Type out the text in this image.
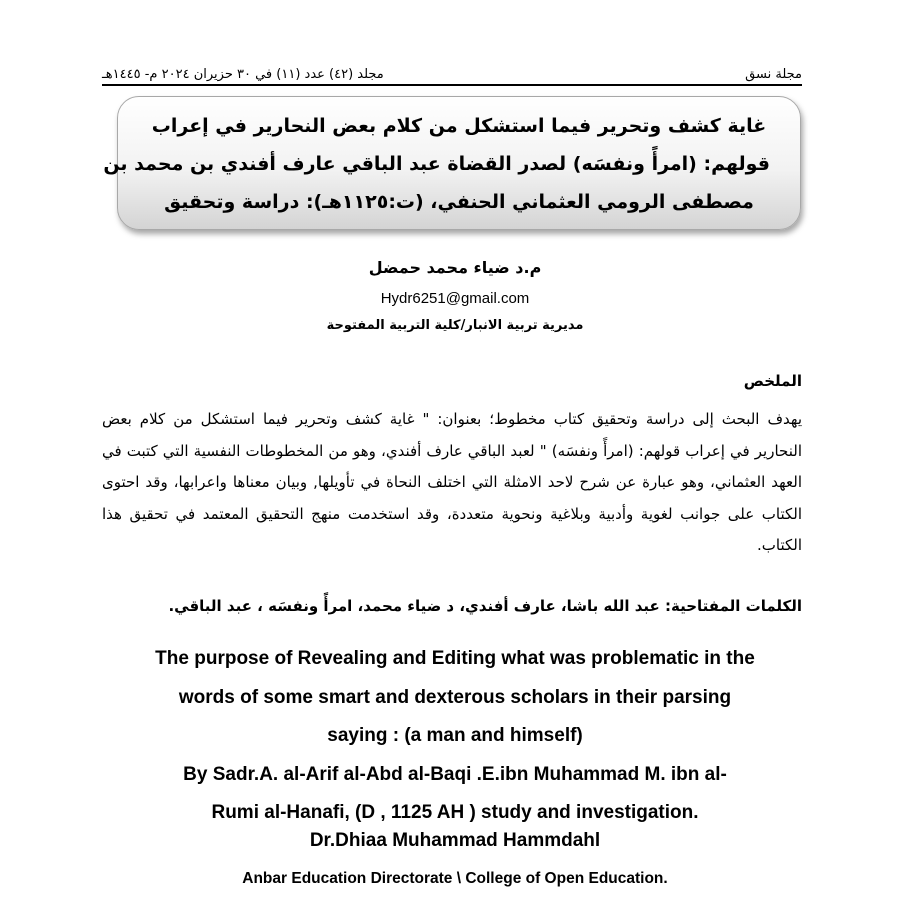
مجلة نسق
مجلد (٤٢) عدد (١١) في ٣٠ حزيران ٢٠٢٤ م- ١٤٤٥هـ
غاية كشف وتحرير فيما استشكل من كلام بعض النحارير في إعراب
قولهم: (امرأً ونفسَه) لصدر القضاة عبد الباقي عارف أفندي بن محمد بن
مصطفى الرومي العثماني الحنفي، (ت:١١٢٥هـ): دراسة وتحقيق
م.د ضياء محمد حمضل
Hydr6251@gmail.com
مديرية تربية الانبار/كلية التربية المفتوحة
الملخص
يهدف البحث إلى دراسة وتحقيق كتاب مخطوط؛ بعنوان: " غاية كشف وتحرير فيما استشكل من كلام بعض النحارير في إعراب قولهم: (امرأً ونفسَه) " لعبد الباقي عارف أفندي، وهو من المخطوطات النفسية التي كتبت في العهد العثماني، وهو عبارة عن شرح لاحد الامثلة التي اختلف النحاة في تأويلها, وبيان معناها واعرابها، وقد احتوى الكتاب على جوانب لغوية وأدبية وبلاغية ونحوية متعددة، وقد استخدمت منهج التحقيق المعتمد في تحقيق هذا الكتاب.
الكلمات المفتاحية: عبد الله باشا، عارف أفندي، د ضياء محمد، امرأً ونفسَه ، عبد الباقي.
The purpose of Revealing and Editing what was problematic in the
words of some smart and dexterous scholars in their parsing
saying : (a man and himself)
By Sadr.A. al-Arif al-Abd al-Baqi .E.ibn Muhammad M. ibn al-
Rumi al-Hanafi, (D , 1125 AH ) study and investigation.
Dr.Dhiaa Muhammad Hammdahl
Anbar Education Directorate \ College of Open Education.
